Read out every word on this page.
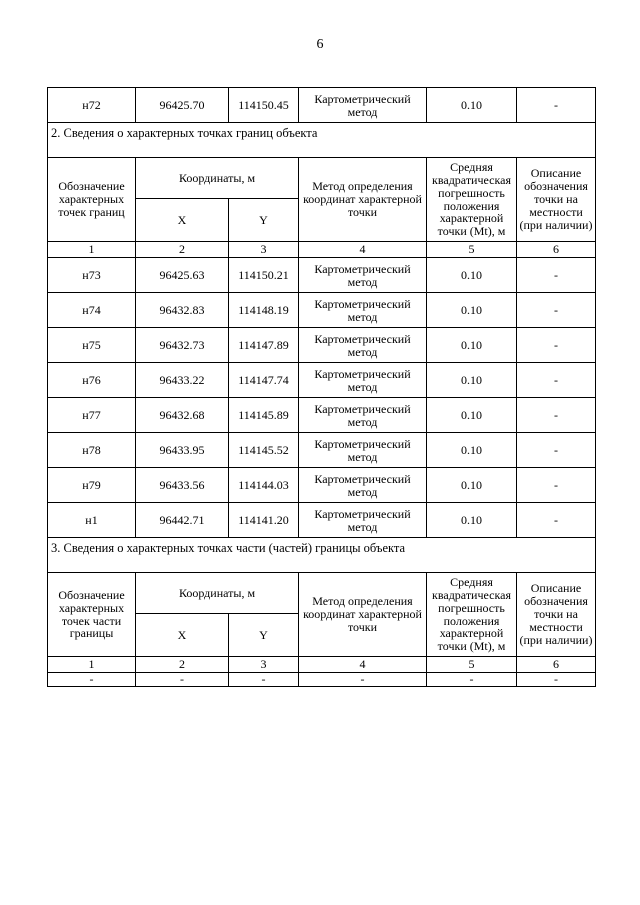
6
н72	96425.70	114150.45	Картометрический метод	0.10	-
2. Сведения о характерных точках границ объекта					
Обозначение характерных точек границ	Координаты, м		Метод определения координат характерной точки	Средняя квадратическая погрешность положения характерной точки (Mt), м	Описание обозначения точки на местности (при наличии)
	X	Y			
1	2	3	4	5	6
н73	96425.63	114150.21	Картометрический метод	0.10	-
н74	96432.83	114148.19	Картометрический метод	0.10	-
н75	96432.73	114147.89	Картометрический метод	0.10	-
н76	96433.22	114147.74	Картометрический метод	0.10	-
н77	96432.68	114145.89	Картометрический метод	0.10	-
н78	96433.95	114145.52	Картометрический метод	0.10	-
н79	96433.56	114144.03	Картометрический метод	0.10	-
н1	96442.71	114141.20	Картометрический метод	0.10	-
3. Сведения о характерных точках части (частей) границы объекта					
Обозначение характерных точек части границы	Координаты, м		Метод определения координат характерной точки	Средняя квадратическая погрешность положения характерной точки (Mt), м	Описание обозначения точки на местности (при наличии)
	X	Y			
1	2	3	4	5	6
-	-	-	-	-	-
